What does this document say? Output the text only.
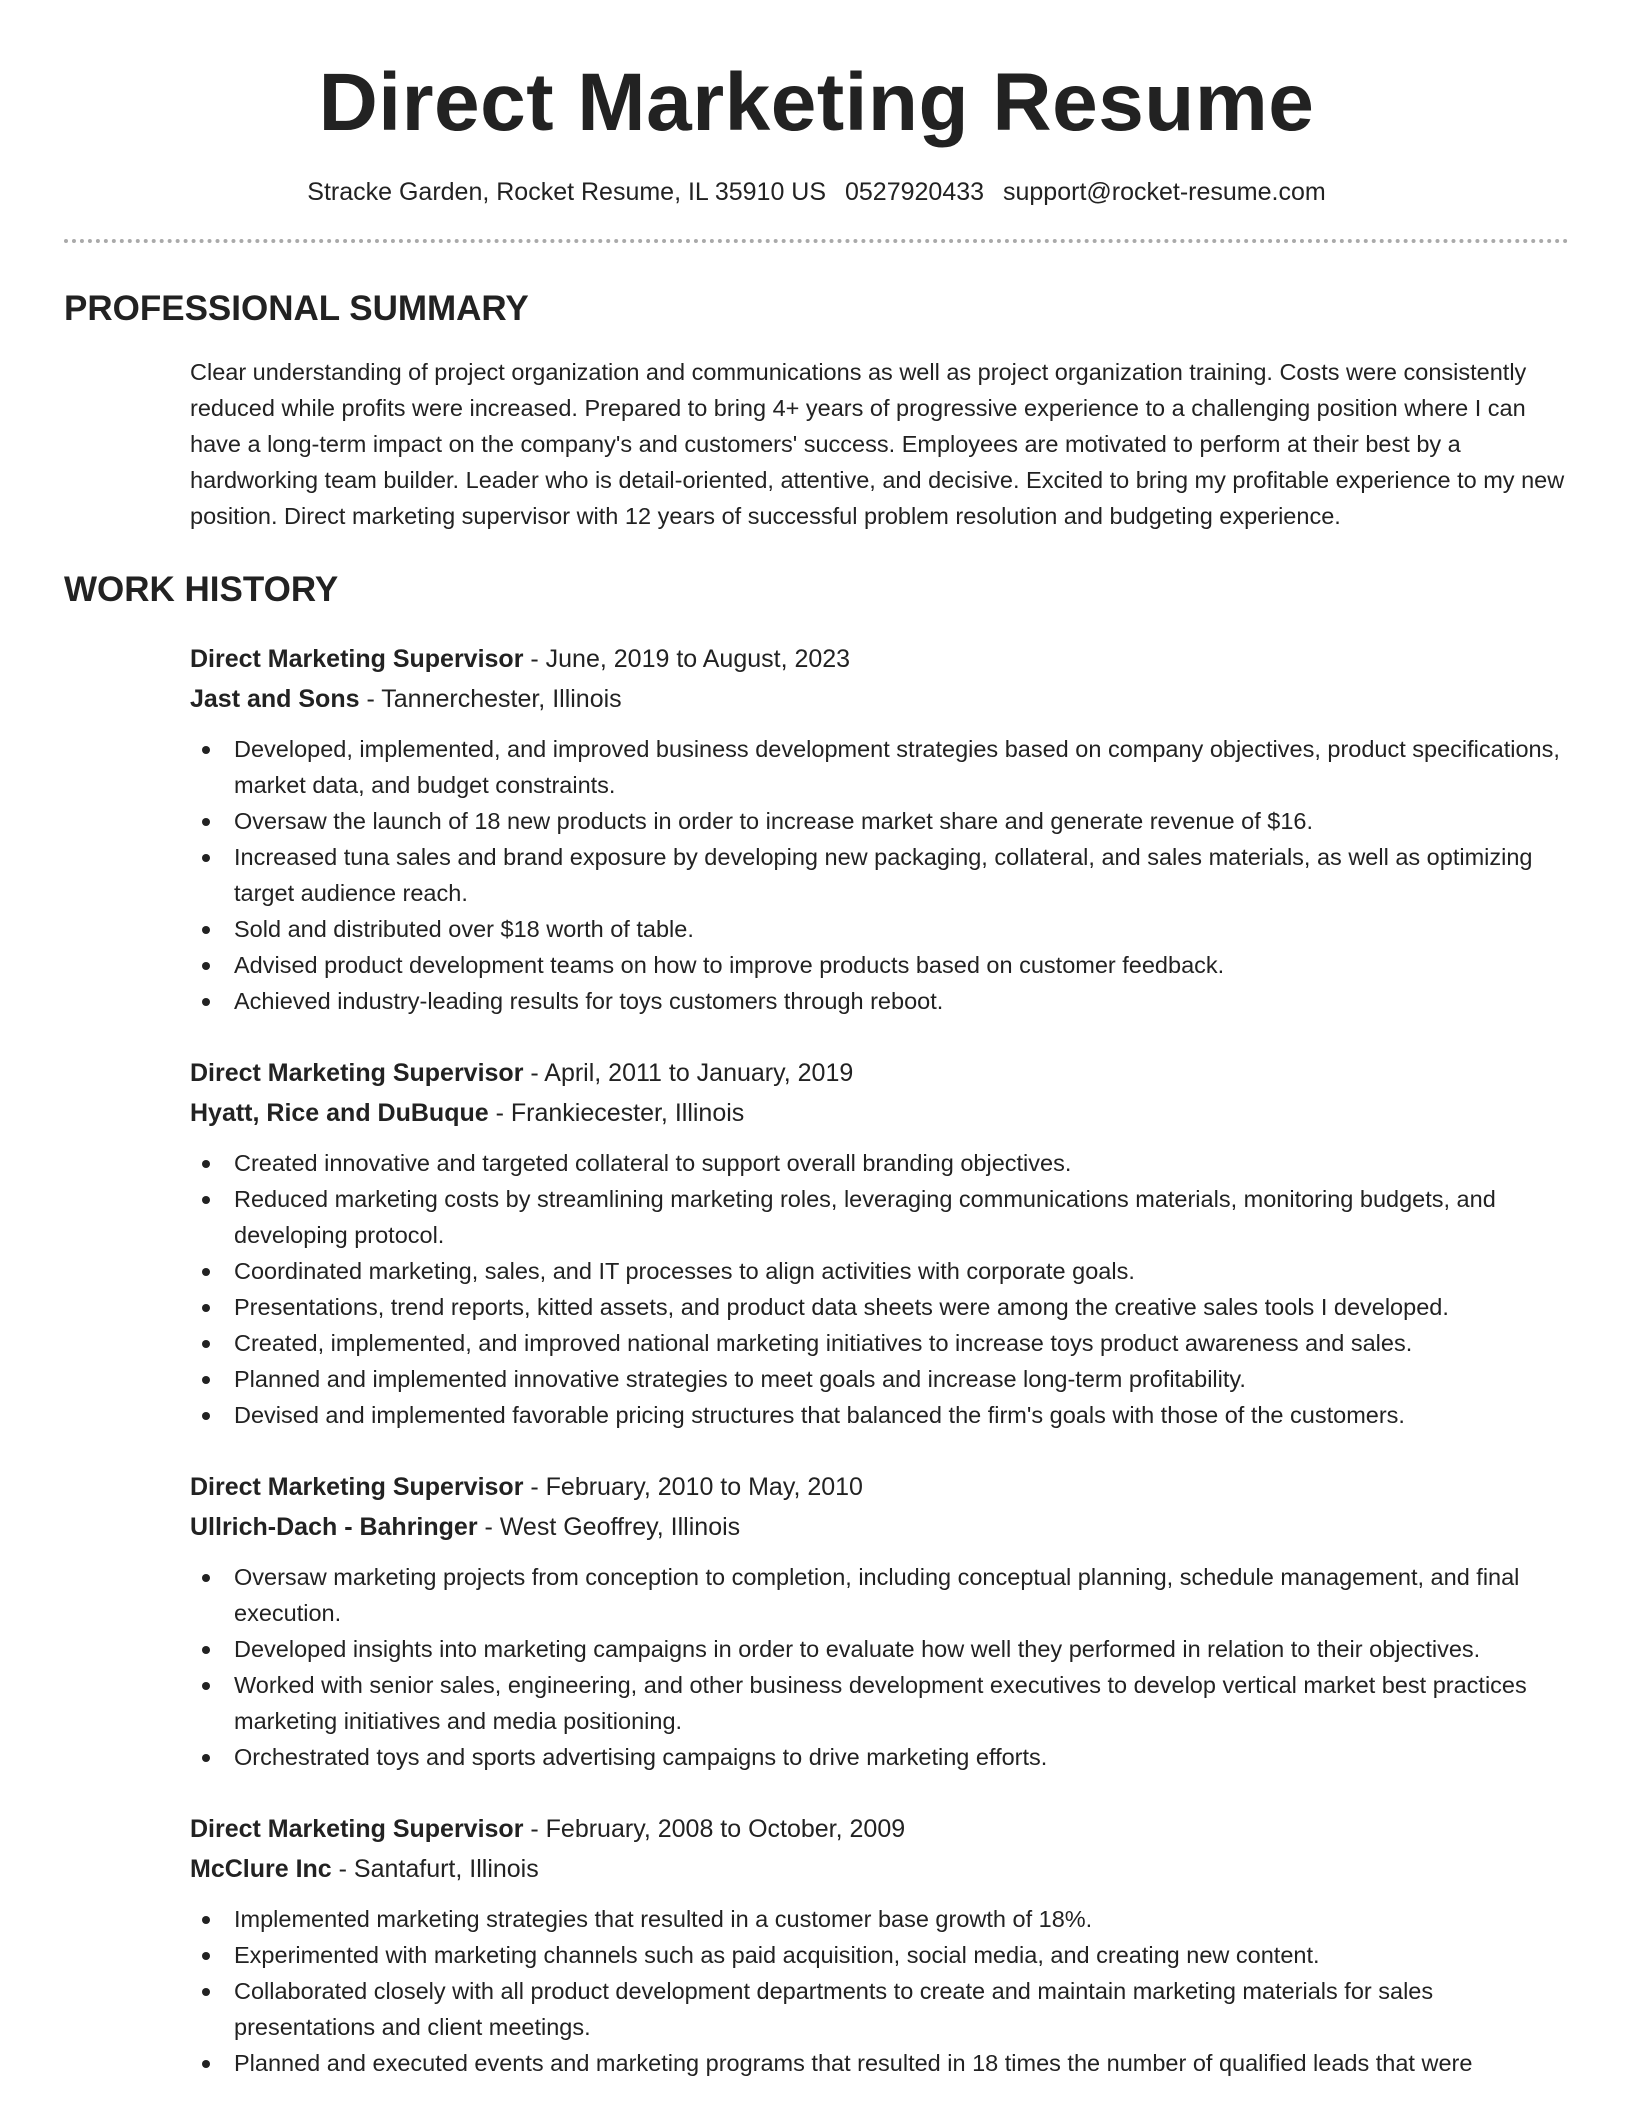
Direct Marketing Resume
Stracke Garden, Rocket Resume, IL 35910 US 0527920433 support@rocket-resume.com
PROFESSIONAL SUMMARY

Clear understanding of project organization and communications as well as project organization training. Costs were consistently reduced while profits were increased. Prepared to bring 4+ years of progressive experience to a challenging position where I can have a long-term impact on the company's and customers' success. Employees are motivated to perform at their best by a hardworking team builder. Leader who is detail-oriented, attentive, and decisive. Excited to bring my profitable experience to my new position. Direct marketing supervisor with 12 years of successful problem resolution and budgeting experience.

WORK HISTORY
Direct Marketing Supervisor - June, 2019 to August, 2023
Jast and Sons - Tannerchester, Illinois
Developed, implemented, and improved business development strategies based on company objectives, product specifications, market data, and budget constraints.
Oversaw the launch of 18 new products in order to increase market share and generate revenue of $16.
Increased tuna sales and brand exposure by developing new packaging, collateral, and sales materials, as well as optimizing target audience reach.
Sold and distributed over $18 worth of table.
Advised product development teams on how to improve products based on customer feedback.
Achieved industry-leading results for toys customers through reboot.
Direct Marketing Supervisor - April, 2011 to January, 2019
Hyatt, Rice and DuBuque - Frankiecester, Illinois
Created innovative and targeted collateral to support overall branding objectives.
Reduced marketing costs by streamlining marketing roles, leveraging communications materials, monitoring budgets, and developing protocol.
Coordinated marketing, sales, and IT processes to align activities with corporate goals.
Presentations, trend reports, kitted assets, and product data sheets were among the creative sales tools I developed.
Created, implemented, and improved national marketing initiatives to increase toys product awareness and sales.
Planned and implemented innovative strategies to meet goals and increase long-term profitability.
Devised and implemented favorable pricing structures that balanced the firm's goals with those of the customers.
Direct Marketing Supervisor - February, 2010 to May, 2010
Ullrich-Dach - Bahringer - West Geoffrey, Illinois
Oversaw marketing projects from conception to completion, including conceptual planning, schedule management, and final execution.
Developed insights into marketing campaigns in order to evaluate how well they performed in relation to their objectives.
Worked with senior sales, engineering, and other business development executives to develop vertical market best practices marketing initiatives and media positioning.
Orchestrated toys and sports advertising campaigns to drive marketing efforts.
Direct Marketing Supervisor - February, 2008 to October, 2009
McClure Inc - Santafurt, Illinois
Implemented marketing strategies that resulted in a customer base growth of 18%.
Experimented with marketing channels such as paid acquisition, social media, and creating new content.
Collaborated closely with all product development departments to create and maintain marketing materials for sales presentations and client meetings.
Planned and executed events and marketing programs that resulted in 18 times the number of qualified leads that were
